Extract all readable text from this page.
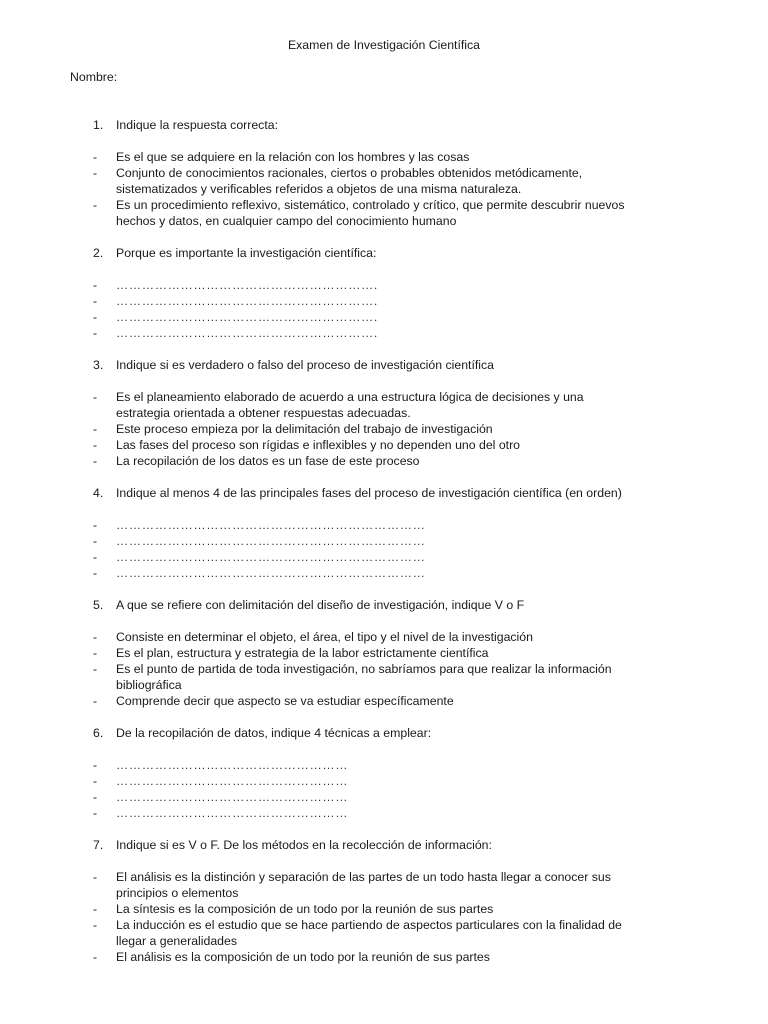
Examen de Investigación Científica
Nombre:
1.	Indique la respuesta correcta:
-	Es el que se adquiere en la relación con los hombres y las cosas
-	Conjunto de conocimientos racionales, ciertos o probables obtenidos metódicamente,
sistematizados y verificables referidos a objetos de una misma naturaleza.
-	Es un procedimiento reflexivo, sistemático, controlado y crítico, que permite descubrir nuevos
hechos y datos, en cualquier campo del conocimiento humano
2.	Porque es importante la investigación científica:
-	…………………………………………………….
-	…………………………………………………….
-	…………………………………………………….
-	…………………………………………………….
3.	Indique si es verdadero o falso del proceso de investigación científica
-	Es el planeamiento elaborado de acuerdo a una estructura lógica de decisiones y una
estrategia orientada a obtener respuestas adecuadas.
-	Este proceso empieza por la delimitación del trabajo de investigación
-	Las fases del proceso son rígidas e inflexibles y no dependen uno del otro
-	La recopilación de los datos es un fase de este proceso
4.	Indique al menos 4 de las principales fases del proceso de investigación científica (en orden)
-	………………………………………………………………
-	………………………………………………………………
-	………………………………………………………………
-	………………………………………………………………
5.	A que se refiere con delimitación del diseño de investigación, indique V o F
-	Consiste en determinar el objeto, el área, el tipo y el nivel de la investigación
-	Es el plan, estructura y estrategia de la labor estrictamente científica
-	Es el punto de partida de toda investigación, no sabríamos para que realizar la información
bibliográfica
-	Comprende decir que aspecto se va estudiar específicamente
6.	De la recopilación de datos, indique 4 técnicas a emplear:
-	………………………………………………
-	………………………………………………
-	………………………………………………
-	………………………………………………
7.	Indique si es V o F. De los métodos en la recolección de información:
-	El análisis es la distinción y separación de las partes de un todo hasta llegar a conocer sus
principios o elementos
-	La síntesis es la composición de un todo por la reunión de sus partes
-	La inducción es el estudio que se hace partiendo de aspectos particulares con la finalidad de
llegar a generalidades
-	El análisis es la composición de un todo por la reunión de sus partes
